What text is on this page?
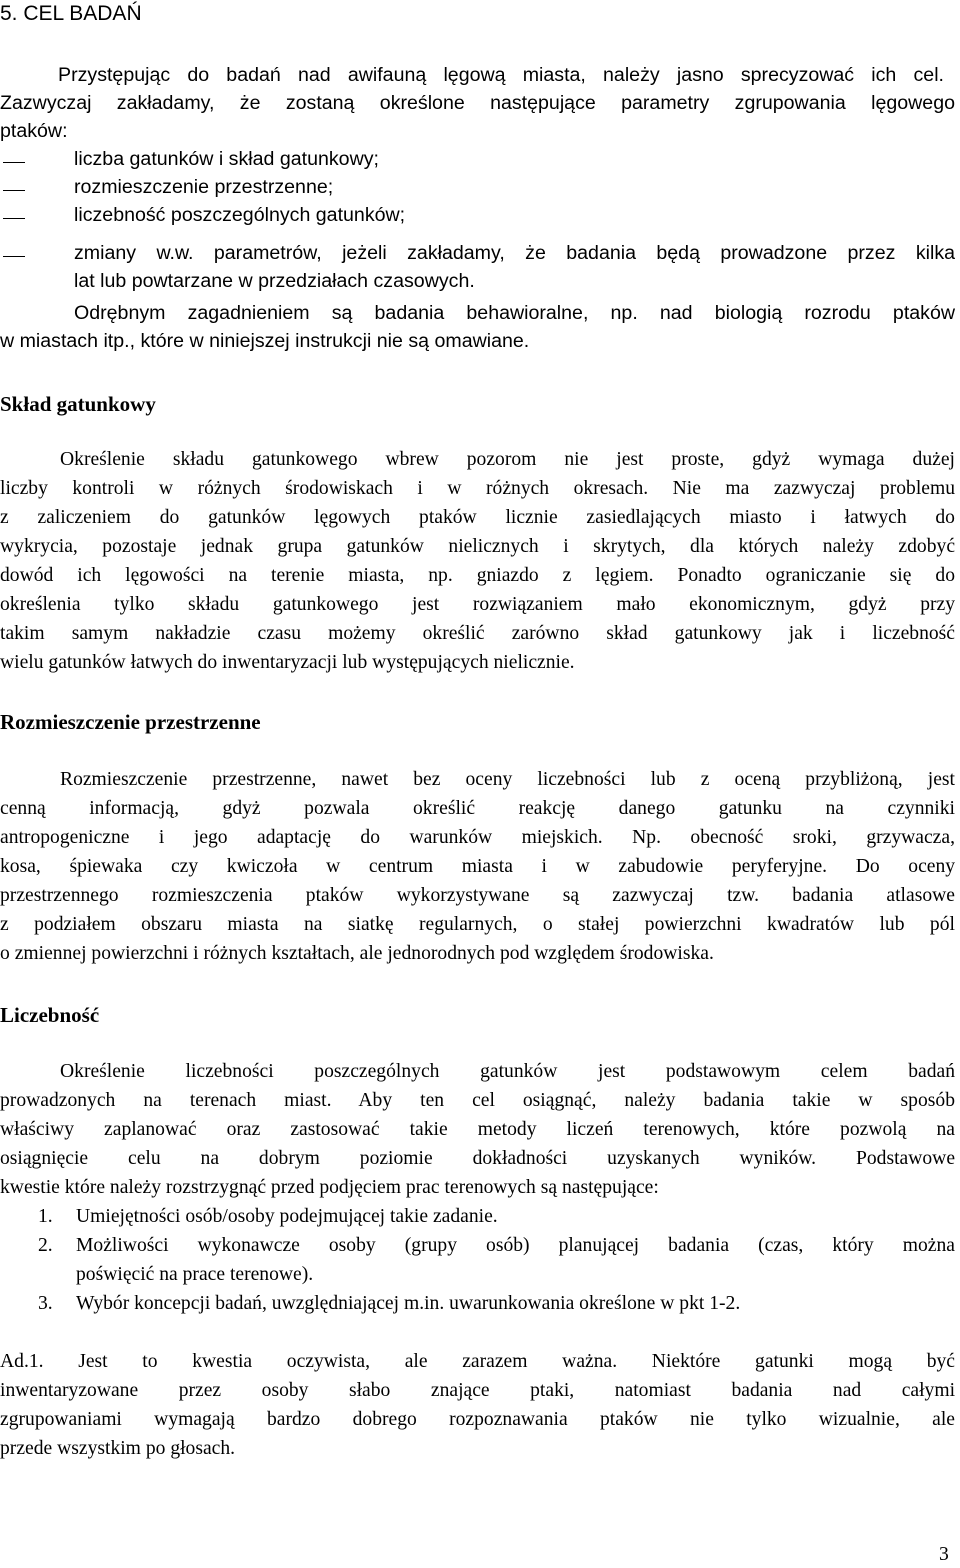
5. CEL BADAŃ
Przystępując do badań nad awifauną lęgową miasta, należy jasno sprecyzować ich cel.
Zazwyczaj zakładamy, że zostaną określone następujące parametry zgrupowania lęgowego
ptaków:
liczba gatunków i skład gatunkowy;
rozmieszczenie przestrzenne;
liczebność poszczególnych gatunków;
zmiany w.w. parametrów, jeżeli zakładamy, że badania będą prowadzone przez kilka
lat lub powtarzane w przedziałach czasowych.
Odrębnym zagadnieniem są badania behawioralne, np. nad biologią rozrodu ptaków
w miastach itp., które w niniejszej instrukcji nie są omawiane.
Skład gatunkowy
Określenie składu gatunkowego wbrew pozorom nie jest proste, gdyż wymaga dużej
liczby kontroli w różnych środowiskach i w różnych okresach. Nie ma zazwyczaj problemu
z zaliczeniem do gatunków lęgowych ptaków licznie zasiedlających miasto i łatwych do
wykrycia, pozostaje jednak grupa gatunków nielicznych i skrytych, dla których należy zdobyć
dowód ich lęgowości na terenie miasta, np. gniazdo z lęgiem. Ponadto ograniczanie się do
określenia tylko składu gatunkowego jest rozwiązaniem mało ekonomicznym, gdyż przy
takim samym nakładzie czasu możemy określić zarówno skład gatunkowy jak i liczebność
wielu gatunków łatwych do inwentaryzacji lub występujących nielicznie.
Rozmieszczenie przestrzenne
Rozmieszczenie przestrzenne, nawet bez oceny liczebności lub z oceną przybliżoną, jest
cenną informacją, gdyż pozwala określić reakcję danego gatunku na czynniki
antropogeniczne i jego adaptację do warunków miejskich. Np. obecność sroki, grzywacza,
kosa, śpiewaka czy kwiczoła w centrum miasta i w zabudowie peryferyjne. Do oceny
przestrzennego rozmieszczenia ptaków wykorzystywane są zazwyczaj tzw. badania atlasowe
z podziałem obszaru miasta na siatkę regularnych, o stałej powierzchni kwadratów lub pól
o zmiennej powierzchni i różnych kształtach, ale jednorodnych pod względem środowiska.
Liczebność
Określenie liczebności poszczególnych gatunków jest podstawowym celem badań
prowadzonych na terenach miast. Aby ten cel osiągnąć, należy badania takie w sposób
właściwy zaplanować oraz zastosować takie metody liczeń terenowych, które pozwolą na
osiągnięcie celu na dobrym poziomie dokładności uzyskanych wyników. Podstawowe
kwestie które należy rozstrzygnąć przed podjęciem prac terenowych są następujące:
1. Umiejętności osób/osoby podejmującej takie zadanie.
2. Możliwości wykonawcze osoby (grupy osób) planującej badania (czas, który można
poświęcić na prace terenowe).
3. Wybór koncepcji badań, uwzględniającej m.in. uwarunkowania określone w pkt 1-2.
Ad.1. Jest to kwestia oczywista, ale zarazem ważna. Niektóre gatunki mogą być
inwentaryzowane przez osoby słabo znające ptaki, natomiast badania nad całymi
zgrupowaniami wymagają bardzo dobrego rozpoznawania ptaków nie tylko wizualnie, ale
przede wszystkim po głosach.
3
